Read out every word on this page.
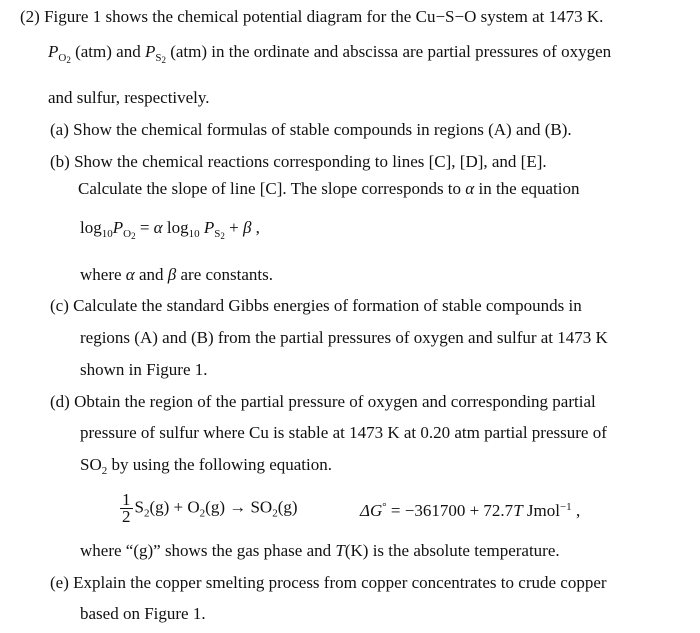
(2) Figure 1 shows the chemical potential diagram for the Cu−S−O system at 1473 K.
$P_{O_2}$ (atm) and $P_{S_2}$ (atm) in the ordinate and abscissa are partial pressures of oxygen
and sulfur, respectively.
(a) Show the chemical formulas of stable compounds in regions (A) and (B).
(b) Show the chemical reactions corresponding to lines [C], [D], and [E].
Calculate the slope of line [C]. The slope corresponds to α in the equation
$\log_{10}P_{O_2} = \alpha$ $\log_{10} P_{S_2} + \beta$ ,
where α and β are constants.
(c) Calculate the standard Gibbs energies of formation of stable compounds in
regions (A) and (B) from the partial pressures of oxygen and sulfur at 1473 K
shown in Figure 1.
(d) Obtain the region of the partial pressure of oxygen and corresponding partial
pressure of sulfur where Cu is stable at 1473 K at 0.20 atm partial pressure of
$SO_2$ by using the following equation.
$\frac{1}{2} S_2(g) + O_2(g) \to SO_2(g)$	ΔG° = −361700 + 72.7T Jmol$^{-1}$ ,
where “(g)” shows the gas phase and T(K) is the absolute temperature.
(e) Explain the copper smelting process from copper concentrates to crude copper
based on Figure 1.
